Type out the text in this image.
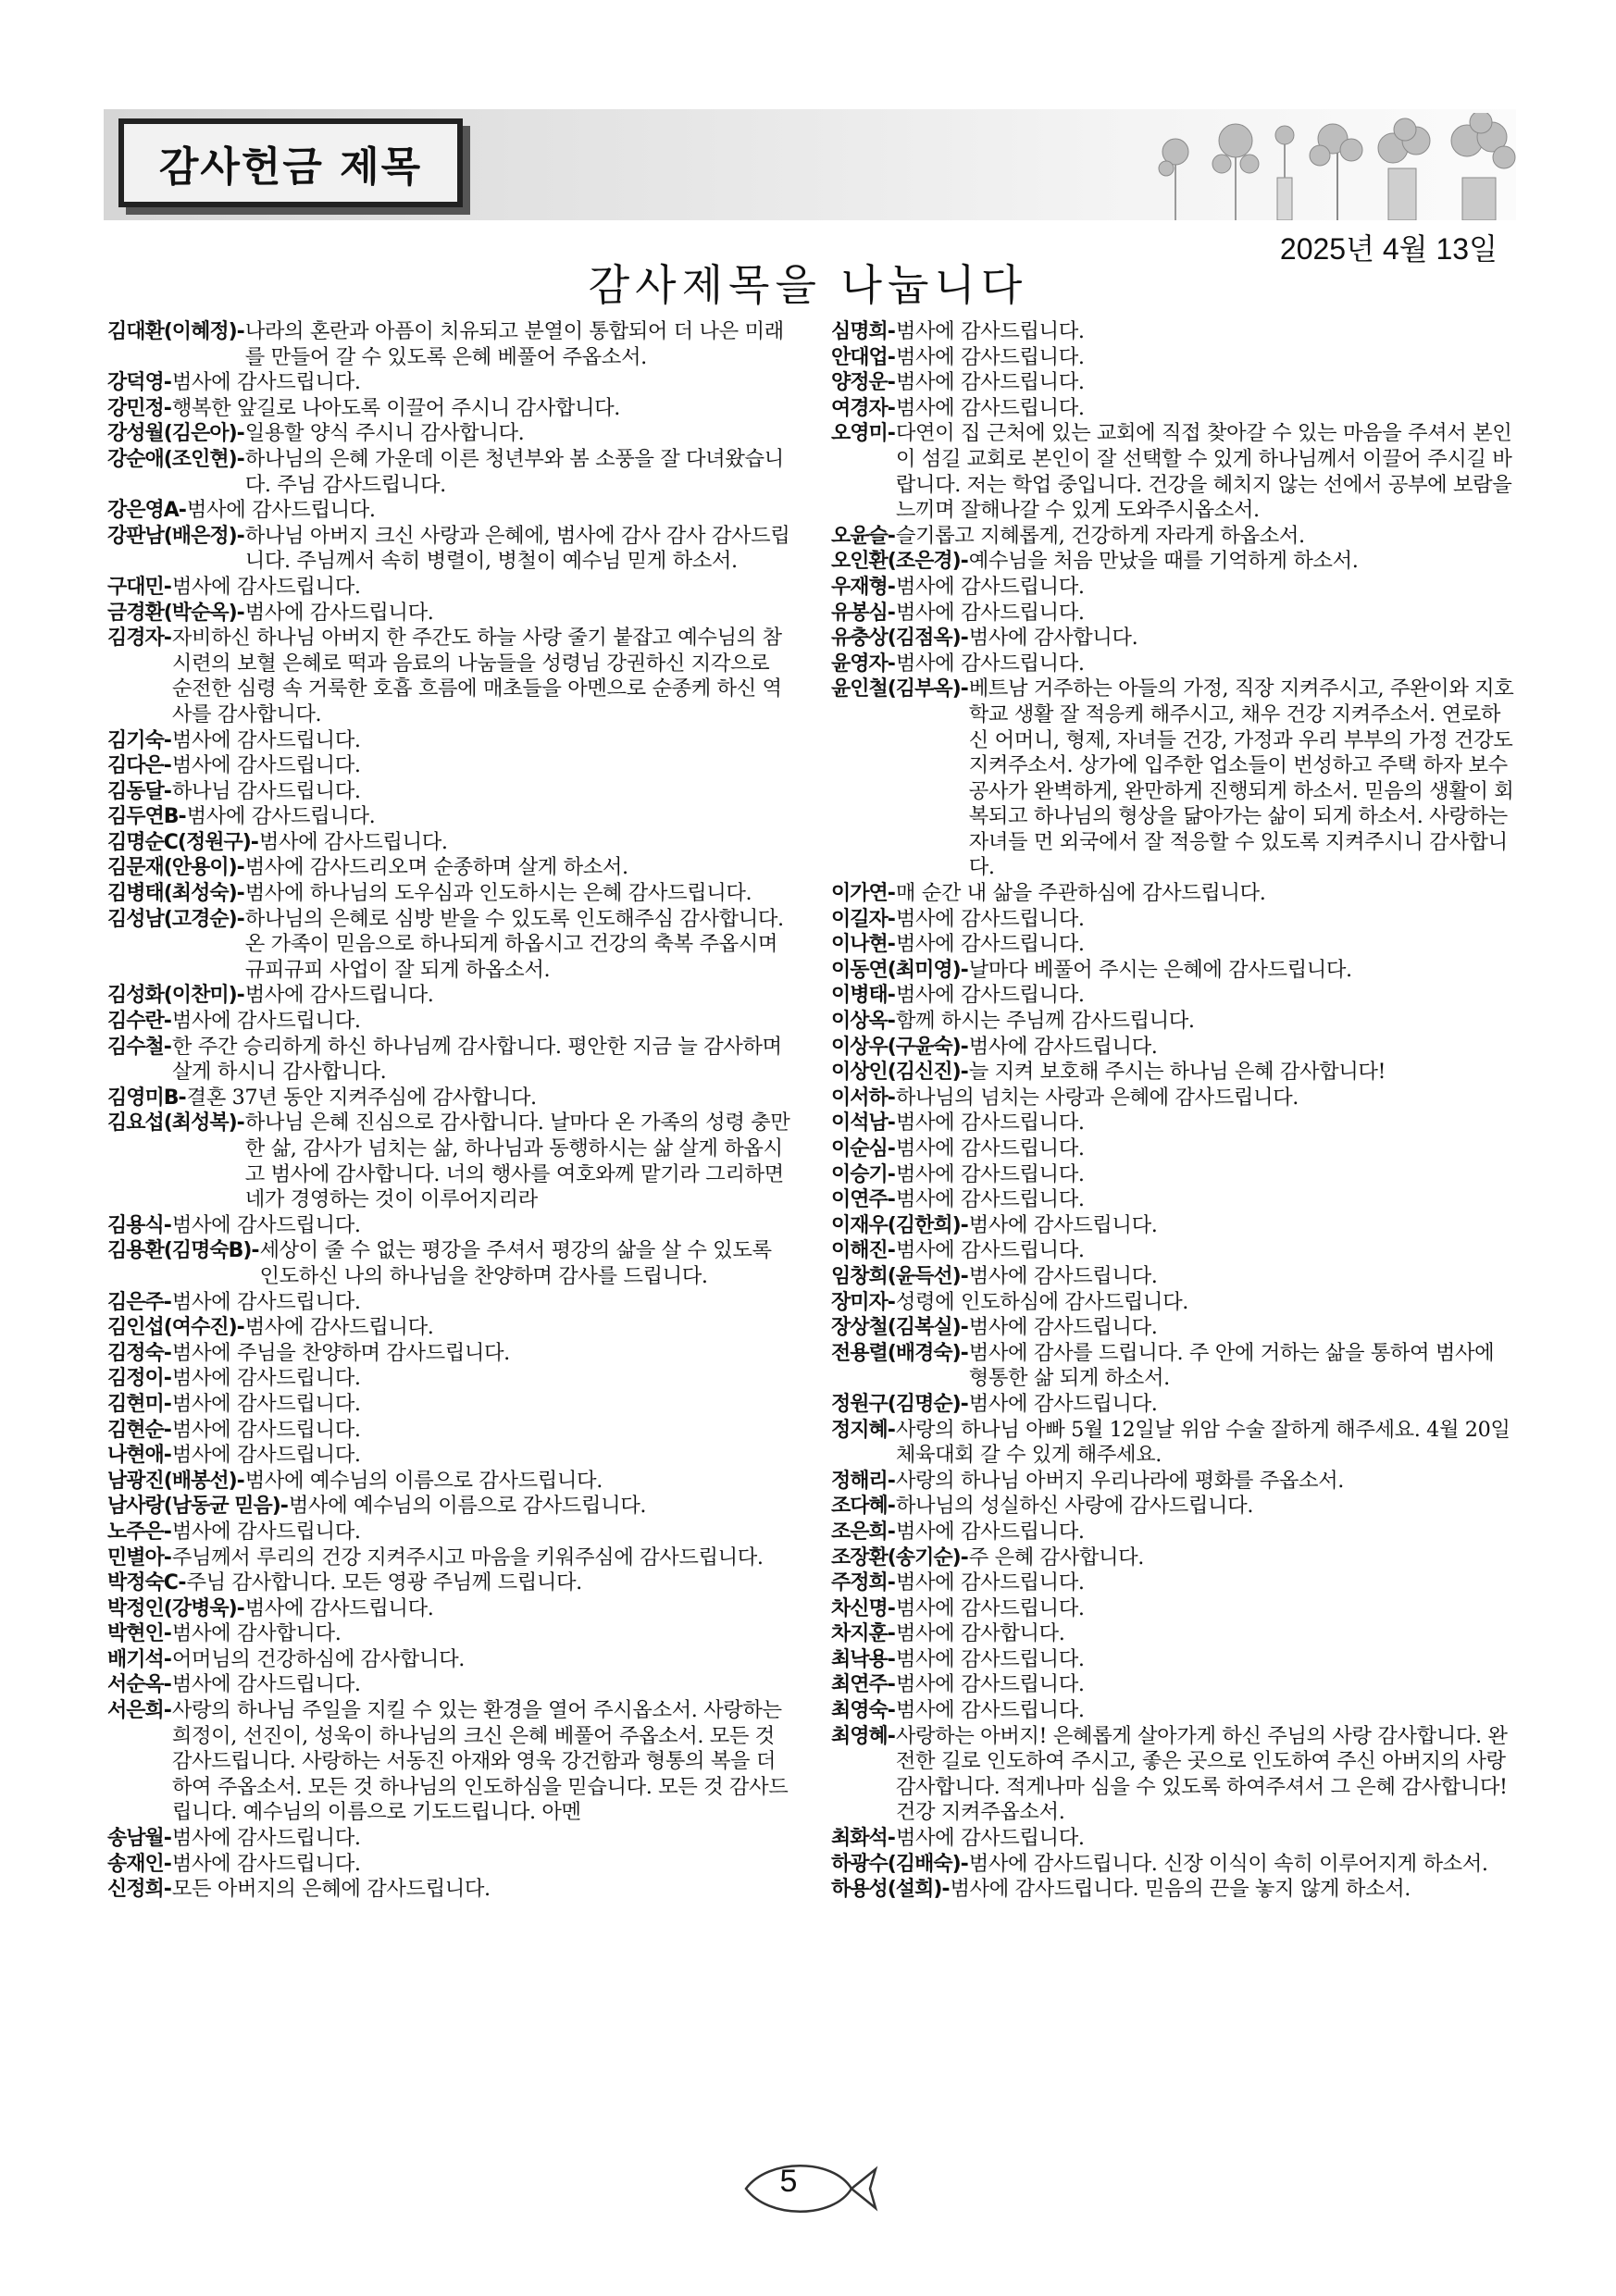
감사헌금 제목
2025년 4월 13일
감사제목을 나눕니다
김대환(이혜정)- 나라의 혼란과 아픔이 치유되고 분열이 통합되어 더 나은 미래를 만들어 갈 수 있도록 은혜 베풀어 주옵소서.
강덕영- 범사에 감사드립니다.
강민정- 행복한 앞길로 나아도록 이끌어 주시니 감사합니다.
강성월(김은아)- 일용할 양식 주시니 감사합니다.
강순애(조인현)- 하나님의 은혜 가운데 이른 청년부와 봄 소풍을 잘 다녀왔습니다. 주님 감사드립니다.
강은영A- 범사에 감사드립니다.
강판남(배은정)- 하나님 아버지 크신 사랑과 은혜에, 범사에 감사 감사 감사드립니다. 주님께서 속히 병렬이, 병철이 예수님 믿게 하소서.
구대민- 범사에 감사드립니다.
금경환(박순옥)- 범사에 감사드립니다.
김경자- 자비하신 하나님 아버지 한 주간도 하늘 사랑 줄기 붙잡고 예수님의 참 시련의 보혈 은혜로 떡과 음료의 나눔들을 성령님 강권하신 지각으로 순전한 심령 속 거룩한 호흡 흐름에 매초들을 아멘으로 순종케 하신 역사를 감사합니다.
김기숙- 범사에 감사드립니다.
김다은- 범사에 감사드립니다.
김동달- 하나님 감사드립니다.
김두연B- 범사에 감사드립니다.
김명순C(정원구)- 범사에 감사드립니다.
김문재(안용이)- 범사에 감사드리오며 순종하며 살게 하소서.
김병태(최성숙)- 범사에 하나님의 도우심과 인도하시는 은혜 감사드립니다.
김성남(고경순)- 하나님의 은혜로 심방 받을 수 있도록 인도해주심 감사합니다. 온 가족이 믿음으로 하나되게 하옵시고 건강의 축복 주옵시며 규피규피 사업이 잘 되게 하옵소서.
김성화(이찬미)- 범사에 감사드립니다.
김수란- 범사에 감사드립니다.
김수철- 한 주간 승리하게 하신 하나님께 감사합니다. 평안한 지금 늘 감사하며 살게 하시니 감사합니다.
김영미B- 결혼 37년 동안 지켜주심에 감사합니다.
김요섭(최성복)- 하나님 은혜 진심으로 감사합니다. 날마다 온 가족의 성령 충만한 삶, 감사가 넘치는 삶, 하나님과 동행하시는 삶 살게 하옵시고 범사에 감사합니다. 너의 행사를 여호와께 맡기라 그리하면 네가 경영하는 것이 이루어지리라
김용식- 범사에 감사드립니다.
김용환(김명숙B)- 세상이 줄 수 없는 평강을 주셔서 평강의 삶을 살 수 있도록 인도하신 나의 하나님을 찬양하며 감사를 드립니다.
김은주- 범사에 감사드립니다.
김인섭(여수진)- 범사에 감사드립니다.
김정숙- 범사에 주님을 찬양하며 감사드립니다.
김정이- 범사에 감사드립니다.
김현미- 범사에 감사드립니다.
김현순- 범사에 감사드립니다.
나현애- 범사에 감사드립니다.
남광진(배봉선)- 범사에 예수님의 이름으로 감사드립니다.
남사랑(남동균 믿음)- 범사에 예수님의 이름으로 감사드립니다.
노주은- 범사에 감사드립니다.
민별아- 주님께서 루리의 건강 지켜주시고 마음을 키워주심에 감사드립니다.
박정숙C- 주님 감사합니다. 모든 영광 주님께 드립니다.
박정인(강병욱)- 범사에 감사드립니다.
박현인- 범사에 감사합니다.
배기석- 어머님의 건강하심에 감사합니다.
서순옥- 범사에 감사드립니다.
서은희- 사랑의 하나님 주일을 지킬 수 있는 환경을 열어 주시옵소서. 사랑하는 희정이, 선진이, 성욱이 하나님의 크신 은혜 베풀어 주옵소서. 모든 것 감사드립니다. 사랑하는 서동진 아재와 영욱 강건함과 형통의 복을 더하여 주옵소서. 모든 것 하나님의 인도하심을 믿습니다. 모든 것 감사드립니다. 예수님의 이름으로 기도드립니다. 아멘
송남월- 범사에 감사드립니다.
송재인- 범사에 감사드립니다.
신정희- 모든 아버지의 은혜에 감사드립니다.
심명희- 범사에 감사드립니다.
안대업- 범사에 감사드립니다.
양정운- 범사에 감사드립니다.
여경자- 범사에 감사드립니다.
오영미- 다연이 집 근처에 있는 교회에 직접 찾아갈 수 있는 마음을 주셔서 본인이 섬길 교회로 본인이 잘 선택할 수 있게 하나님께서 이끌어 주시길 바랍니다. 저는 학업 중입니다. 건강을 헤치지 않는 선에서 공부에 보람을 느끼며 잘해나갈 수 있게 도와주시옵소서.
오윤슬- 슬기롭고 지혜롭게, 건강하게 자라게 하옵소서.
오인환(조은경)- 예수님을 처음 만났을 때를 기억하게 하소서.
우재형- 범사에 감사드립니다.
유봉심- 범사에 감사드립니다.
유충상(김점옥)- 범사에 감사합니다.
윤영자- 범사에 감사드립니다.
윤인철(김부옥)- 베트남 거주하는 아들의 가정, 직장 지켜주시고, 주완이와 지호 학교 생활 잘 적응케 해주시고, 채우 건강 지켜주소서. 연로하신 어머니, 형제, 자녀들 건강, 가정과 우리 부부의 가정 건강도 지켜주소서. 상가에 입주한 업소들이 번성하고 주택 하자 보수 공사가 완벽하게, 완만하게 진행되게 하소서. 믿음의 생활이 회복되고 하나님의 형상을 닮아가는 삶이 되게 하소서. 사랑하는 자녀들 먼 외국에서 잘 적응할 수 있도록 지켜주시니 감사합니다.
이가연- 매 순간 내 삶을 주관하심에 감사드립니다.
이길자- 범사에 감사드립니다.
이나현- 범사에 감사드립니다.
이동연(최미영)- 날마다 베풀어 주시는 은혜에 감사드립니다.
이병태- 범사에 감사드립니다.
이상옥- 함께 하시는 주님께 감사드립니다.
이상우(구윤숙)- 범사에 감사드립니다.
이상인(김신진)- 늘 지켜 보호해 주시는 하나님 은혜 감사합니다!
이서하- 하나님의 넘치는 사랑과 은혜에 감사드립니다.
이석남- 범사에 감사드립니다.
이순심- 범사에 감사드립니다.
이승기- 범사에 감사드립니다.
이연주- 범사에 감사드립니다.
이재우(김한희)- 범사에 감사드립니다.
이해진- 범사에 감사드립니다.
임창희(윤득선)- 범사에 감사드립니다.
장미자- 성령에 인도하심에 감사드립니다.
장상철(김복실)- 범사에 감사드립니다.
전용렬(배경숙)- 범사에 감사를 드립니다. 주 안에 거하는 삶을 통하여 범사에 형통한 삶 되게 하소서.
정원구(김명순)- 범사에 감사드립니다.
정지혜- 사랑의 하나님 아빠 5월 12일날 위암 수술 잘하게 해주세요. 4월 20일 체육대회 갈 수 있게 해주세요.
정해리- 사랑의 하나님 아버지 우리나라에 평화를 주옵소서.
조다혜- 하나님의 성실하신 사랑에 감사드립니다.
조은희- 범사에 감사드립니다.
조장환(송기순)- 주 은혜 감사합니다.
주정희- 범사에 감사드립니다.
차신명- 범사에 감사드립니다.
차지훈- 범사에 감사합니다.
최낙용- 범사에 감사드립니다.
최연주- 범사에 감사드립니다.
최영숙- 범사에 감사드립니다.
최영혜- 사랑하는 아버지! 은혜롭게 살아가게 하신 주님의 사랑 감사합니다. 완전한 길로 인도하여 주시고, 좋은 곳으로 인도하여 주신 아버지의 사랑 감사합니다. 적게나마 심을 수 있도록 하여주셔서 그 은혜 감사합니다! 건강 지켜주옵소서.
최화석- 범사에 감사드립니다.
하광수(김배숙)- 범사에 감사드립니다. 신장 이식이 속히 이루어지게 하소서.
하용성(설희)- 범사에 감사드립니다. 믿음의 끈을 놓지 않게 하소서.
5
